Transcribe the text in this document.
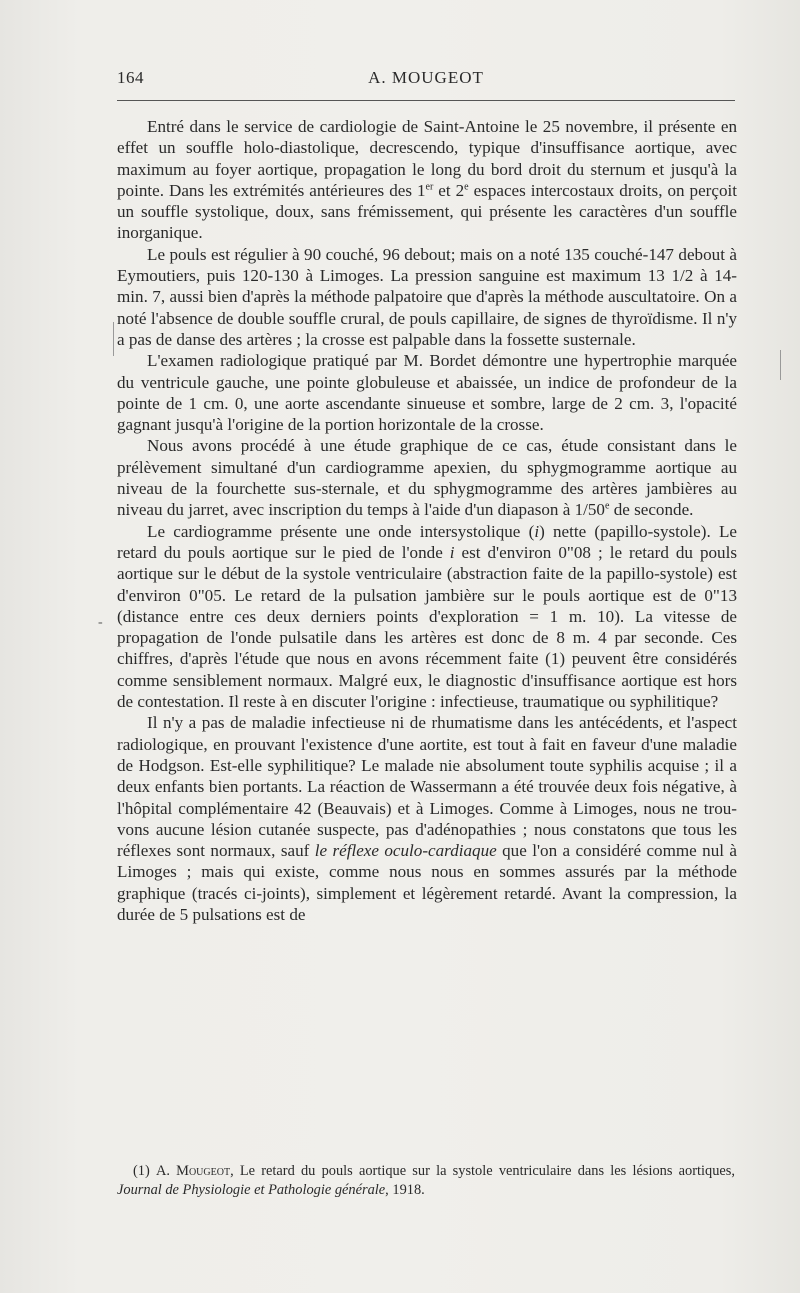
164	A. MOUGEOT
-

Entré dans le service de cardiologie de Saint-Antoine le 25 novembre, il présente en effet un souffle holo-diastolique, decrescendo, typique d'insuffisance aortique, avec maximum au foyer aortique, propagation le long du bord droit du sternum et jusqu'à la pointe. Dans les extrémités antérieures des 1er et 2e espaces intercostaux droits, on perçoit un souffle systolique, doux, sans frémissement, qui présente les caractères d'un souffle inorganique.

Le pouls est régulier à 90 couché, 96 debout; mais on a noté 135 couché-147 debout à Eymoutiers, puis 120-130 à Limoges. La pression sanguine est maximum 13 1/2 à 14-min. 7, aussi bien d'après la méthode palpatoire que d'après la méthode auscultatoire. On a noté l'absence de double souffle crural, de pouls capillaire, de signes de thyroïdisme. Il n'y a pas de danse des artères ; la crosse est palpable dans la fossette susternale.

L'examen radiologique pratiqué par M. Bordet démontre une hypertrophie marquée du ventricule gauche, une pointe globuleuse et abaissée, un indice de profondeur de la pointe de 1 cm. 0, une aorte ascendante sinueuse et sombre, large de 2 cm. 3, l'opacité gagnant jusqu'à l'origine de la portion horizontale de la crosse.

Nous avons procédé à une étude graphique de ce cas, étude consistant dans le prélèvement simultané d'un cardiogramme apexien, du sphygmogramme aortique au niveau de la fourchette sus-sternale, et du sphygmogramme des artères jambières au niveau du jarret, avec inscription du temps à l'aide d'un diapason à 1/50e de seconde.

Le cardiogramme présente une onde intersystolique (i) nette (papillo-systole). Le retard du pouls aortique sur le pied de l'onde i est d'environ 0"08 ; le retard du pouls aortique sur le début de la systole ventriculaire (abstraction faite de la papillo-systole) est d'environ 0"05. Le retard de la pulsation jambière sur le pouls aortique est de 0"13 (distance entre ces deux derniers points d'exploration = 1 m. 10). La vitesse de propagation de l'onde pulsatile dans les artères est donc de 8 m. 4 par seconde. Ces chiffres, d'après l'étude que nous en avons récemment faite (1) peuvent être considérés comme sensiblement normaux. Malgré eux, le diagnostic d'insuffisance aortique est hors de contestation. Il reste à en discuter l'origine : infectieuse, traumatique ou syphilitique?

Il n'y a pas de maladie infectieuse ni de rhumatisme dans les antécédents, et l'aspect radiologique, en prouvant l'existence d'une aortite, est tout à fait en faveur d'une maladie de Hodgson. Est-elle syphilitique? Le malade nie absolument toute syphilis acquise ; il a deux enfants bien portants. La réaction de Wassermann a été trouvée deux fois négative, à l'hôpital complémentaire 42 (Beauvais) et à Limoges. Comme à Limoges, nous ne trouvons aucune lésion cutanée suspecte, pas d'adénopathies ; nous constatons que tous les réflexes sont normaux, sauf le réflexe oculo-cardiaque que l'on a considéré comme nul à Limoges ; mais qui existe, comme nous nous en sommes assurés par la méthode graphique (tracés ci-joints), simplement et légèrement retardé. Avant la compression, la durée de 5 pulsations est de

(1) A. Mougeot, Le retard du pouls aortique sur la systole ventriculaire dans les lésions aortiques, Journal de Physiologie et Pathologie générale, 1918.
